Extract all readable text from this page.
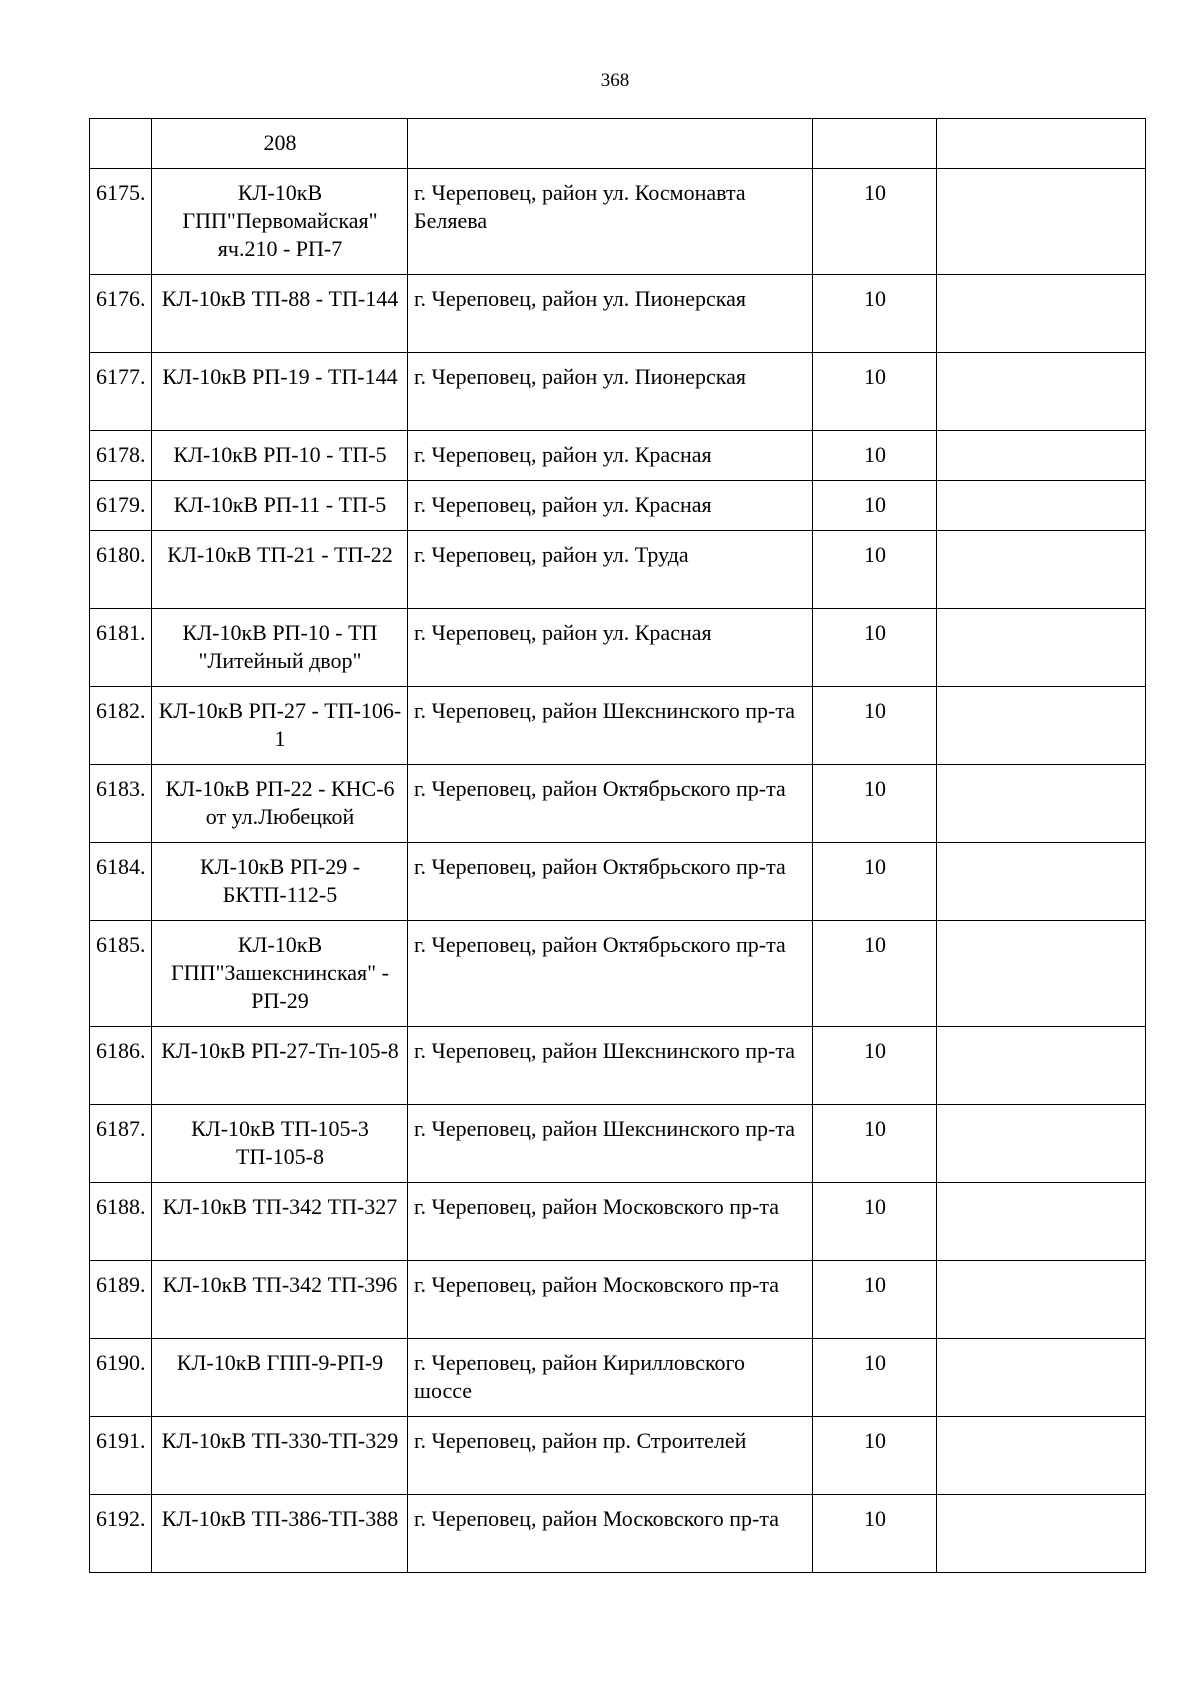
368
	208			
6175.	КЛ-10кВ ГПП"Первомайская" яч.210 - РП-7	г. Череповец, район ул. Космонавта Беляева	10	
6176.	КЛ-10кВ ТП-88 - ТП-144	г. Череповец, район ул. Пионерская	10	
6177.	КЛ-10кВ РП-19 - ТП-144	г. Череповец, район ул. Пионерская	10	
6178.	КЛ-10кВ РП-10 - ТП-5	г. Череповец, район ул. Красная	10	
6179.	КЛ-10кВ РП-11 - ТП-5	г. Череповец, район ул. Красная	10	
6180.	КЛ-10кВ ТП-21 - ТП-22	г. Череповец, район ул. Труда	10	
6181.	КЛ-10кВ РП-10 - ТП "Литейный двор"	г. Череповец, район ул. Красная	10	
6182.	КЛ-10кВ РП-27 - ТП-106-1	г. Череповец, район Шекснинского пр-та	10	
6183.	КЛ-10кВ РП-22 - КНС-6 от ул.Любецкой	г. Череповец, район Октябрьского пр-та	10	
6184.	КЛ-10кВ РП-29 - БКТП-112-5	г. Череповец, район Октябрьского пр-та	10	
6185.	КЛ-10кВ ГПП"Зашекснинская" - РП-29	г. Череповец, район Октябрьского пр-та	10	
6186.	КЛ-10кВ РП-27-Тп-105-8	г. Череповец, район Шекснинского пр-та	10	
6187.	КЛ-10кВ ТП-105-3 ТП-105-8	г. Череповец, район Шекснинского пр-та	10	
6188.	КЛ-10кВ ТП-342 ТП-327	г. Череповец, район Московского пр-та	10	
6189.	КЛ-10кВ ТП-342 ТП-396	г. Череповец, район Московского пр-та	10	
6190.	КЛ-10кВ ГПП-9-РП-9	г. Череповец, район Кирилловского шоссе	10	
6191.	КЛ-10кВ ТП-330-ТП-329	г. Череповец, район пр. Строителей	10	
6192.	КЛ-10кВ ТП-386-ТП-388	г. Череповец, район Московского пр-та	10	
